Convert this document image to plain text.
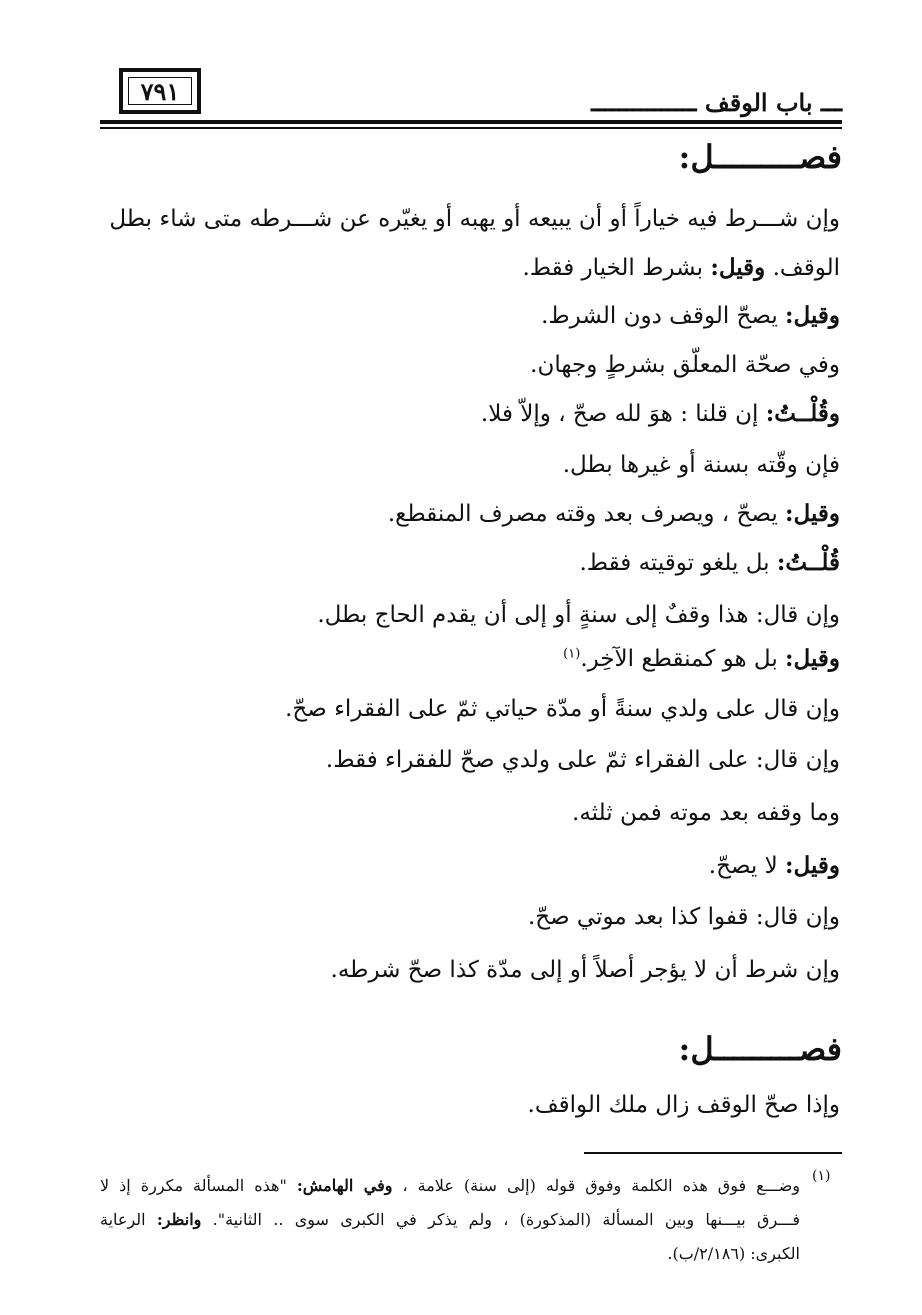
٧٩١	ـــ باب الوقف ـــــــــــــــ
فصـــــــــل:
وإن شـــرط فيه خياراً أو أن يبيعه أو يهبه أو يغيّره عن شـــرطه متى شاء بطل
الوقف. وقيل: بشرط الخيار فقط.
وقيل: يصحّ الوقف دون الشرط.
وفي صحّة المعلّق بشرطٍ وجهان.
وقُلْــتُ: إن قلنا : هوَ لله صحّ ، وإلاّ فلا.
فإن وقّته بسنة أو غيرها بطل.
وقيل: يصحّ ، ويصرف بعد وقته مصرف المنقطع.
قُلْــتُ: بل يلغو توقيته فقط.
وإن قال: هذا وقفٌ إلى سنةٍ أو إلى أن يقدم الحاج بطل.
وقيل: بل هو كمنقطع الآخِر.$^{(١)}$
وإن قال على ولدي سنةً أو مدّة حياتي ثمّ على الفقراء صحّ.
وإن قال: على الفقراء ثمّ على ولدي صحّ للفقراء فقط.
وما وقفه بعد موته فمن ثلثه.
وقيل: لا يصحّ.
وإن قال: قفوا كذا بعد موتي صحّ.
وإن شرط أن لا يؤجر أصلاً أو إلى مدّة كذا صحّ شرطه.
فصـــــــــل:
وإذا صحّ الوقف زال ملك الواقف.
(١)
وضـــع فوق هذه الكلمة وفوق قوله (إلى سنة) علامة ، وفي الهامش: "هذه المسألة مكررة إذ لا
فـــرق بيـــنها وبين المسألة (المذكورة) ، ولم يذكر في الكبرى سوى .. الثانية". وانظر: الرعاية
الكبرى: (٢/١٨٦/ب).
